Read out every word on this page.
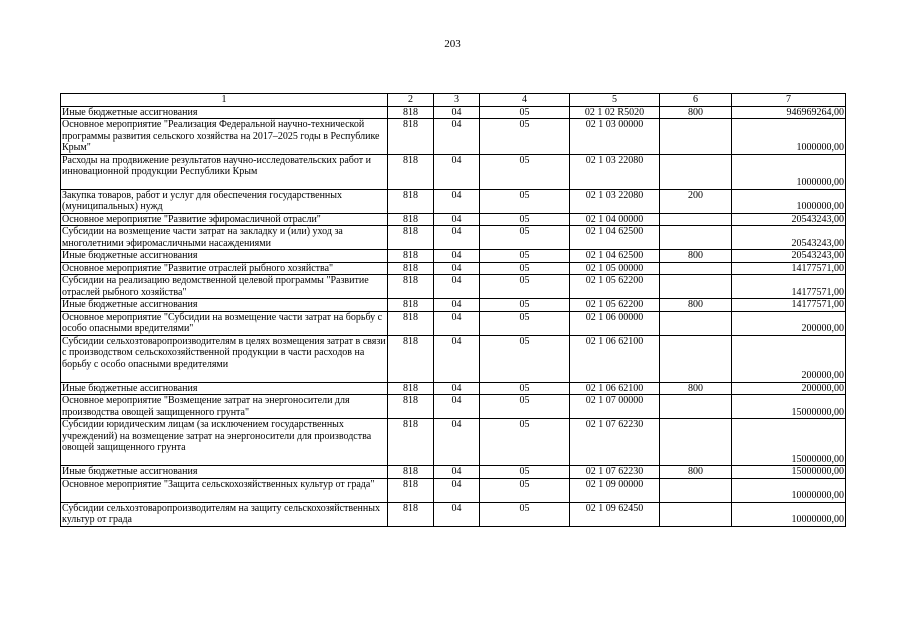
203
1	2	3	4	5	6	7
Иные бюджетные ассигнования	818	04	05	02 1 02 R5020	800	946969264,00
Основное мероприятие "Реализация Федеральной научно-технической программы развития сельского хозяйства на 2017–2025 годы в Республике Крым"	818	04	05	02 1 03 00000		1000000,00
Расходы на продвижение результатов научно-исследовательских работ и инновационной продукции Республики Крым	818	04	05	02 1 03 22080		1000000,00
Закупка товаров, работ и услуг для обеспечения государственных (муниципальных) нужд	818	04	05	02 1 03 22080	200	1000000,00
Основное мероприятие "Развитие эфиромасличной отрасли"	818	04	05	02 1 04 00000		20543243,00
Субсидии на возмещение части затрат на закладку и (или) уход за многолетними эфиромасличными насаждениями	818	04	05	02 1 04 62500		20543243,00
Иные бюджетные ассигнования	818	04	05	02 1 04 62500	800	20543243,00
Основное мероприятие "Развитие отраслей рыбного хозяйства"	818	04	05	02 1 05 00000		14177571,00
Субсидии на реализацию ведомственной целевой программы "Развитие отраслей рыбного хозяйства"	818	04	05	02 1 05 62200		14177571,00
Иные бюджетные ассигнования	818	04	05	02 1 05 62200	800	14177571,00
Основное мероприятие "Субсидии на возмещение части затрат на борьбу с особо опасными вредителями"	818	04	05	02 1 06 00000		200000,00
Субсидии сельхозтоваропроизводителям в целях возмещения затрат в связи с производством сельскохозяйственной продукции в части расходов на борьбу с особо опасными вредителями	818	04	05	02 1 06 62100		200000,00
Иные бюджетные ассигнования	818	04	05	02 1 06 62100	800	200000,00
Основное мероприятие "Возмещение затрат на энергоносители для производства овощей защищенного грунта"	818	04	05	02 1 07 00000		15000000,00
Субсидии юридическим лицам (за исключением государственных учреждений) на возмещение затрат на энергоносители для производства овощей защищенного грунта	818	04	05	02 1 07 62230		15000000,00
Иные бюджетные ассигнования	818	04	05	02 1 07 62230	800	15000000,00
Основное мероприятие "Защита сельскохозяйственных культур от града"	818	04	05	02 1 09 00000		10000000,00
Субсидии сельхозтоваропроизводителям на защиту сельскохозяйственных культур от града	818	04	05	02 1 09 62450		10000000,00
